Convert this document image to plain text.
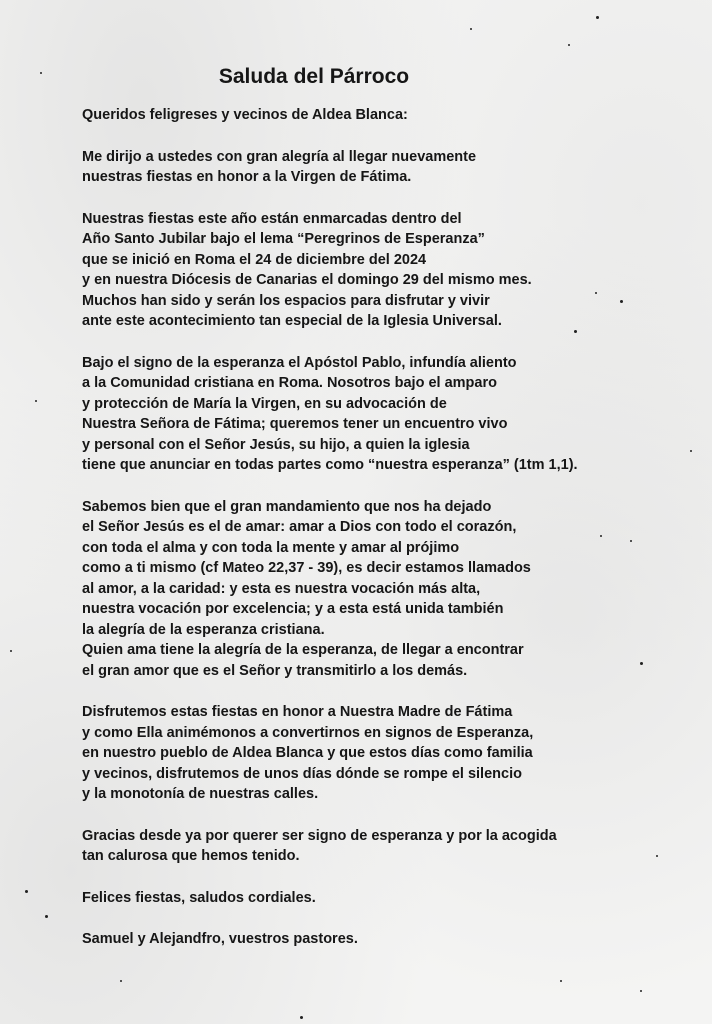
Saluda del Párroco

Queridos feligreses y vecinos de Aldea Blanca:

Me dirijo a ustedes con gran alegría al llegar nuevamente
nuestras fiestas en honor a la Virgen de Fátima.

Nuestras fiestas este año están enmarcadas dentro del
Año Santo Jubilar bajo el lema “Peregrinos de Esperanza”
que se inició en Roma el 24 de diciembre del 2024
y en nuestra Diócesis de Canarias el domingo 29 del mismo mes.
Muchos han sido y serán los espacios para disfrutar y vivir
ante este acontecimiento tan especial de la Iglesia Universal.

Bajo el signo de la esperanza el Apóstol Pablo, infundía aliento
a la Comunidad cristiana en Roma. Nosotros bajo el amparo
y protección de María la Virgen, en su advocación de
Nuestra Señora de Fátima; queremos tener un encuentro vivo
y personal con el Señor Jesús, su hijo, a quien la iglesia
tiene que anunciar en todas partes como “nuestra esperanza” (1tm 1,1).

Sabemos bien que el gran mandamiento que nos ha dejado
el Señor Jesús es el de amar: amar a Dios con todo el corazón,
con toda el alma y con toda la mente y amar al prójimo
como a ti mismo (cf Mateo 22,37 - 39), es decir estamos llamados
al amor, a la caridad: y esta es nuestra vocación más alta,
nuestra vocación por excelencia; y a esta está unida también
la alegría de la esperanza cristiana.
Quien ama tiene la alegría de la esperanza, de llegar a encontrar
el gran amor que es el Señor y transmitirlo a los demás.

Disfrutemos estas fiestas en honor a Nuestra Madre de Fátima
y como Ella animémonos a convertirnos en signos de Esperanza,
en nuestro pueblo de Aldea Blanca y que estos días como familia
y vecinos, disfrutemos de unos días dónde se rompe el silencio
y la monotonía de nuestras calles.

Gracias desde ya por querer ser signo de esperanza y por la acogida
tan calurosa que hemos tenido.

Felices fiestas, saludos cordiales.

Samuel y Alejandfro, vuestros pastores.
